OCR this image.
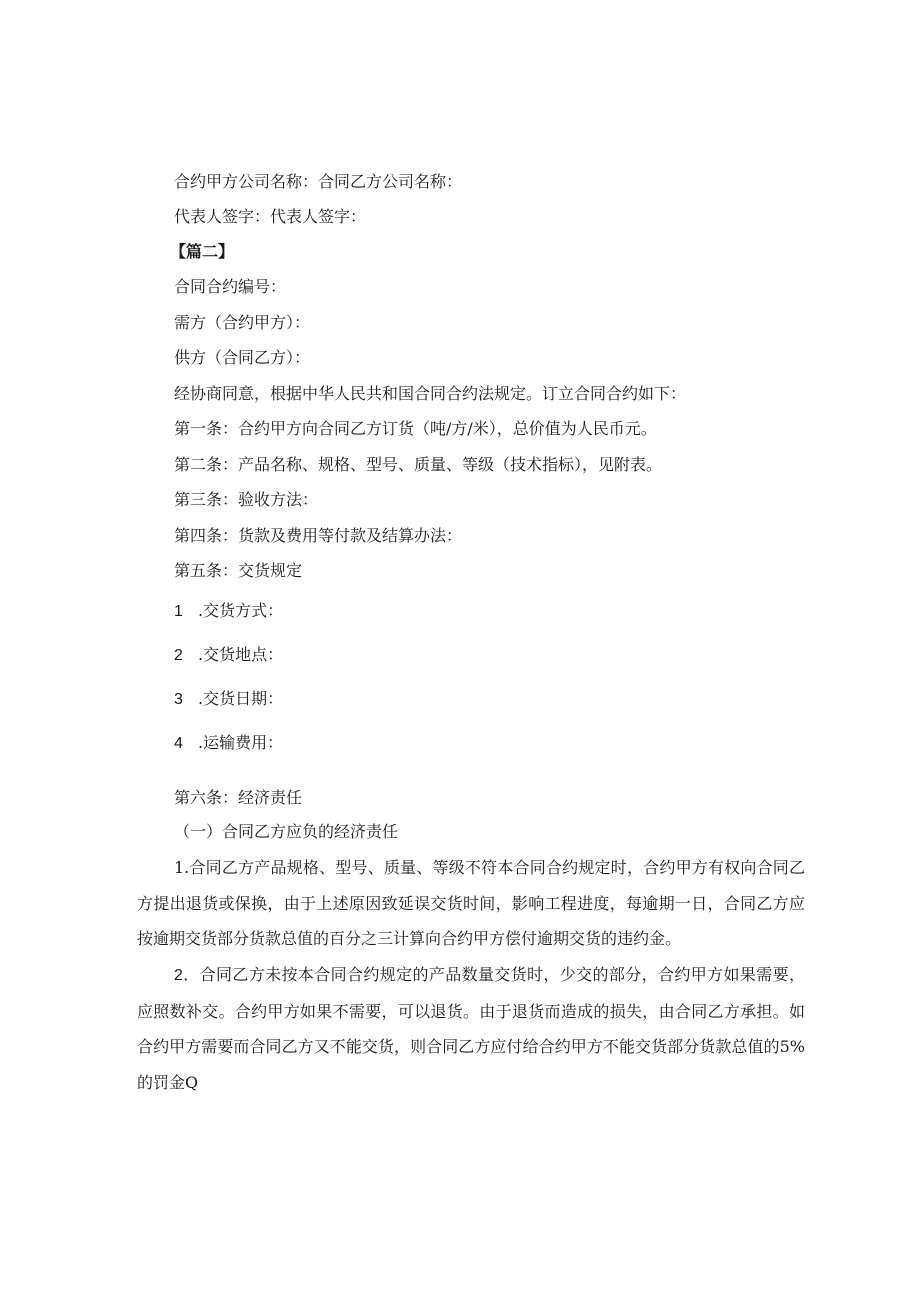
合约甲方公司名称：合同乙方公司名称：
代表人签字：代表人签字：
【篇二】
合同合约编号：
需方（合约甲方）：
供方（合同乙方）：
经协商同意，根据中华人民共和国合同合约法规定。订立合同合约如下：
第一条：合约甲方向合同乙方订货（吨/方/米），总价值为人民币元。
第二条：产品名称、规格、型号、质量、等级（技术指标），见附表。
第三条：验收方法：
第四条：货款及费用等付款及结算办法：
第五条：交货规定
1 .交货方式：
2 .交货地点：
3 .交货日期：
4 .运输费用：
第六条：经济责任
（一）合同乙方应负的经济责任
1.合同乙方产品规格、型号、质量、等级不符本合同合约规定时，合约甲方有权向合同乙方提出退货或保换，由于上述原因致延误交货时间，影响工程进度，每逾期一日，合同乙方应按逾期交货部分货款总值的百分之三计算向合约甲方偿付逾期交货的违约金。
2．合同乙方未按本合同合约规定的产品数量交货时，少交的部分，合约甲方如果需要，应照数补交。合约甲方如果不需要，可以退货。由于退货而造成的损失，由合同乙方承担。如合约甲方需要而合同乙方又不能交货，则合同乙方应付给合约甲方不能交货部分货款总值的5%的罚金Q
